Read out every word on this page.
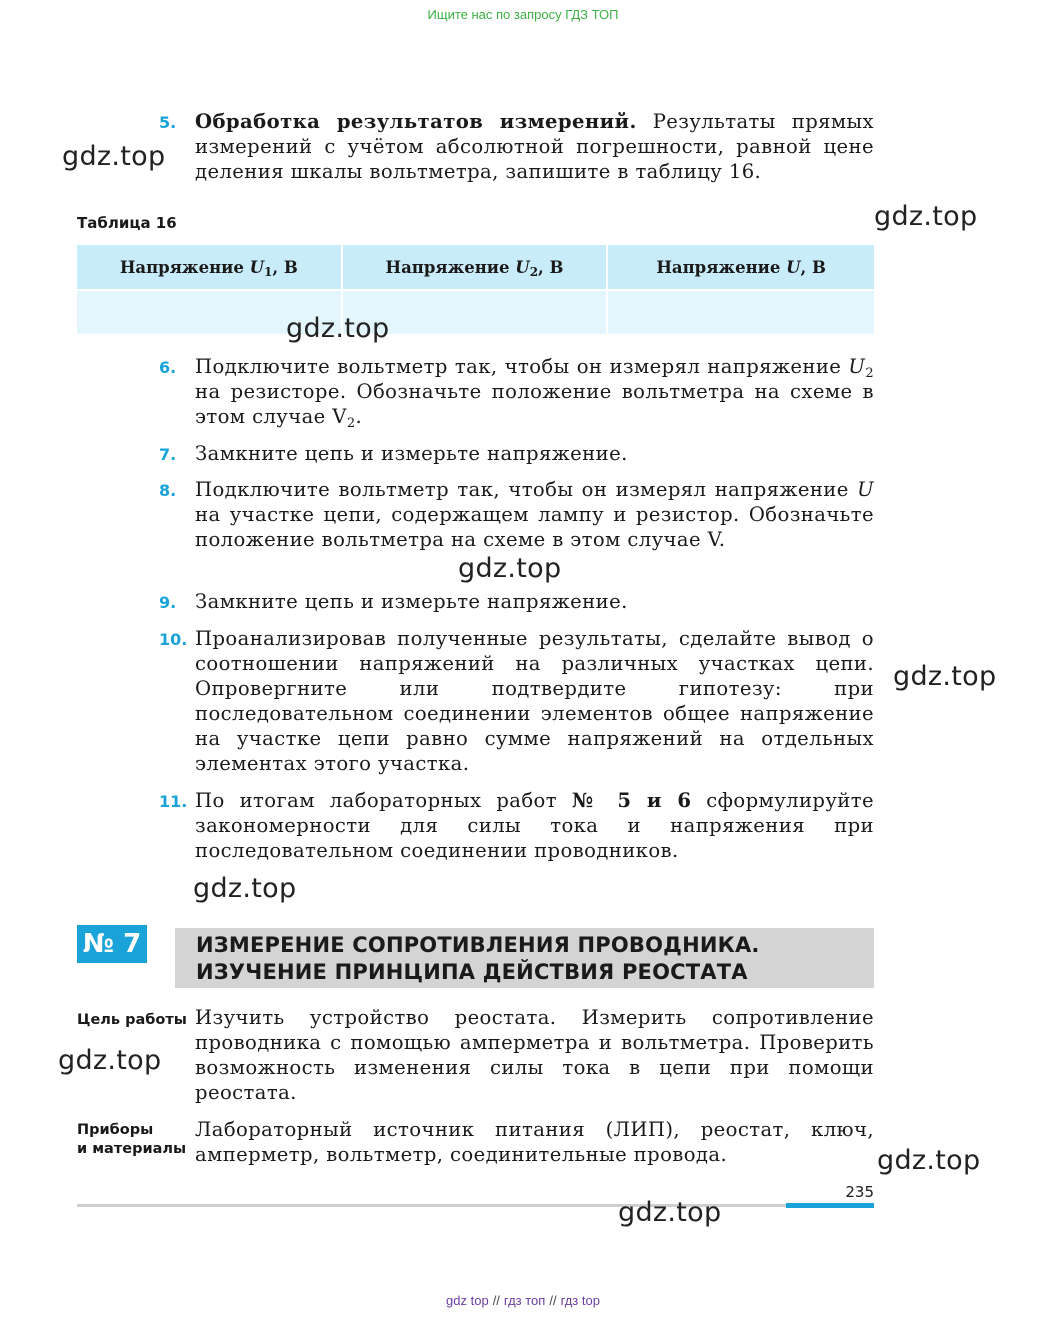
Ищите нас по запросу ГДЗ ТОП
5. Обработка результатов измерений. Результаты прямых измерений с учётом абсолютной погрешности, равной цене деления шкалы вольтметра, запишите в таблицу 16.
Таблица 16
Напряжение $U_1$, В	Напряжение $U_2$, В	Напряжение U, В

6. Подключите вольтметр так, чтобы он измерял напряжение $U_2$ на резисторе. Обозначьте положение вольтметра на схеме в этом случае $V_2$.
7. Замкните цепь и измерьте напряжение.
8. Подключите вольтметр так, чтобы он измерял напряжение U на участке цепи, содержащем лампу и резистор. Обозначьте положение вольтметра на схеме в этом случае V.
9. Замкните цепь и измерьте напряжение.
10. Проанализировав полученные результаты, сделайте вывод о соотношении напряжений на различных участках цепи. Опровергните или подтвердите гипотезу: при последовательном соединении элементов общее напряжение на участке цепи равно сумме напряжений на отдельных элементах этого участка.
11. По итогам лабораторных работ № 5 и 6 сформулируйте закономерности для силы тока и напряжения при последовательном соединении проводников.
№ 7	ИЗМЕРЕНИЕ СОПРОТИВЛЕНИЯ ПРОВОДНИКА.
ИЗУЧЕНИЕ ПРИНЦИПА ДЕЙСТВИЯ РЕОСТАТА
Цель работы Изучить устройство реостата. Измерить сопротивление проводника с помощью амперметра и вольтметра. Проверить возможность изменения силы тока в цепи при помощи реостата.
Приборы
и материалы
Лабораторный источник питания (ЛИП), реостат, ключ, амперметр, вольтметр, соединительные провода.
235
gdz.top
gdz.top
gdz.top
gdz.top
gdz.top
gdz.top
gdz.top
gdz.top
gdz.top
gdz top // гдз топ // гдз top
